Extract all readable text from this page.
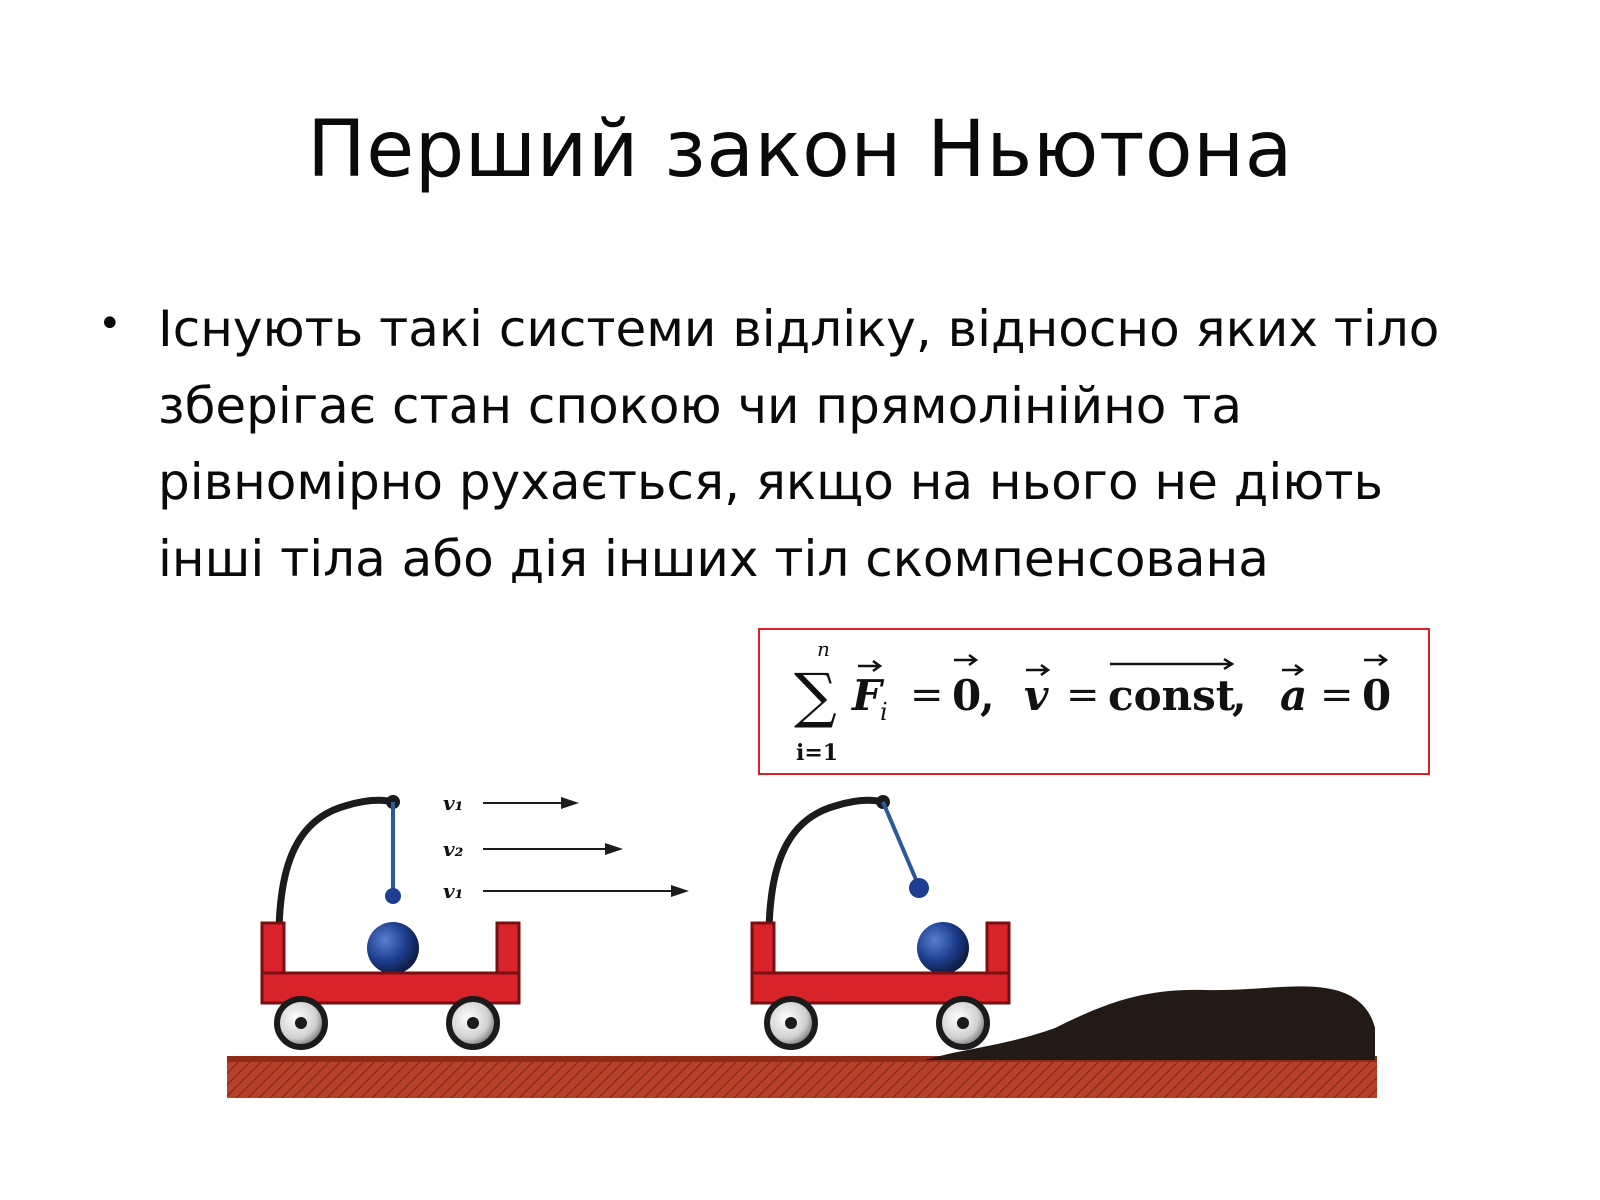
Перший закон Ньютона
• Існують такі системи відліку, відносно яких тіло зберігає стан спокою чи прямолінійно та рівномірно рухається, якщо на нього не діють інші тіла або дія інших тіл скомпенсована
n
∑
i=1
F
i = 0
, v = const
, a = 0
v₁
v₂
v₁
